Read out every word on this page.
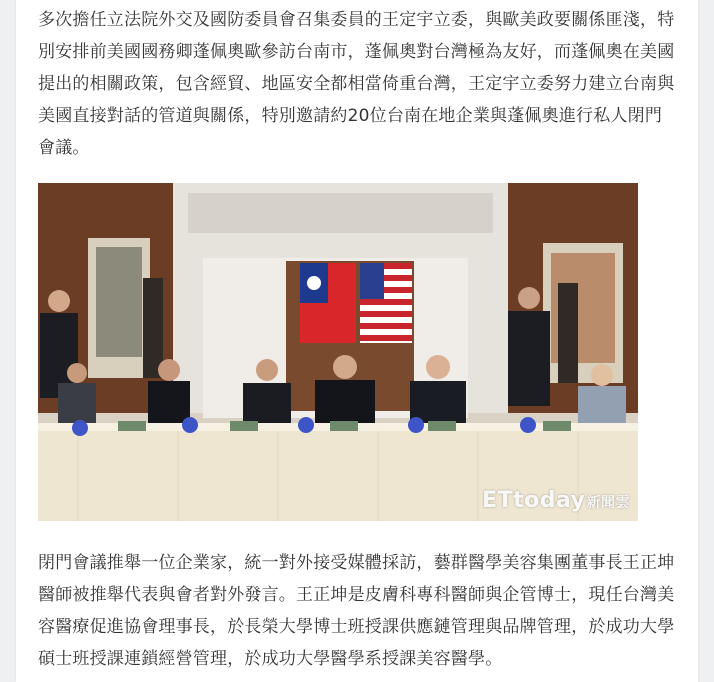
多次擔任立法院外交及國防委員會召集委員的王定宇立委，與歐美政要關係匪淺，特別安排前美國國務卿蓬佩奧歐參訪台南市，蓬佩奧對台灣極為友好，而蓬佩奧在美國提出的相關政策，包含經貿、地區安全都相當倚重台灣，王定宇立委努力建立台南與美國直接對話的管道與關係，特別邀請約20位台南在地企業與蓬佩奧進行私人閉門會議。

ETtoday新聞雲

閉門會議推舉一位企業家，統一對外接受媒體採訪，藝群醫學美容集團董事長王正坤醫師被推舉代表與會者對外發言。王正坤是皮膚科專科醫師與企管博士，現任台灣美容醫療促進協會理事長，於長榮大學博士班授課供應鏈管理與品牌管理，於成功大學碩士班授課連鎖經營管理，於成功大學醫學系授課美容醫學。
